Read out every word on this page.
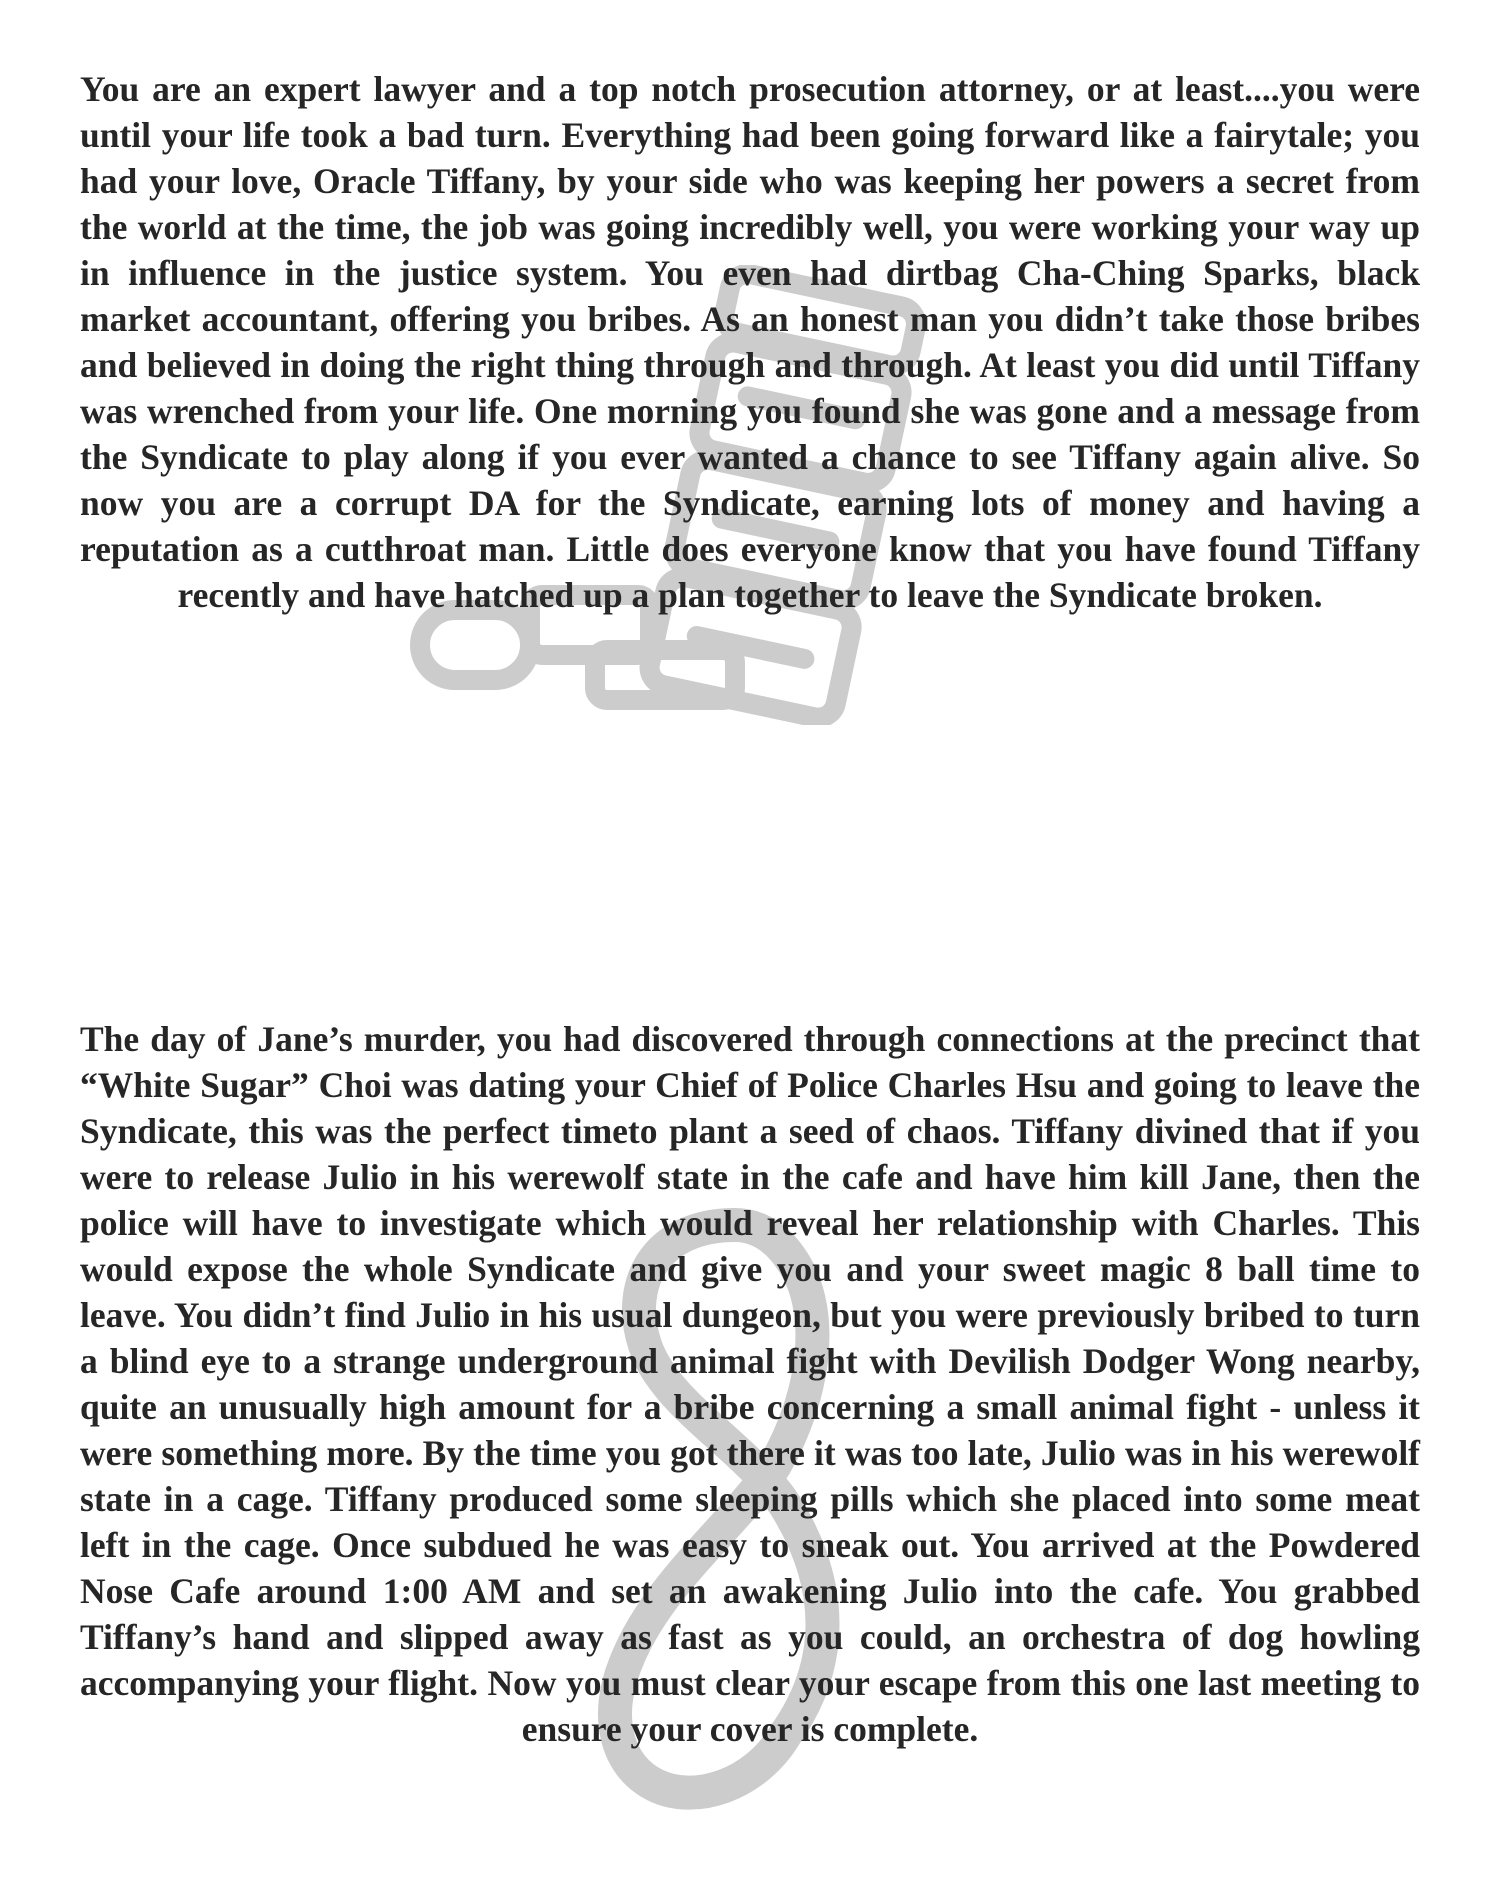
You are an expert lawyer and a top notch prosecution attorney, or at least....you were until your life took a bad turn. Everything had been going forward like a fairytale; you had your love, Oracle Tiffany, by your side who was keeping her powers a secret from the world at the time, the job was going incredibly well, you were working your way up in influence in the justice system. You even had dirtbag Cha-Ching Sparks, black market accountant, offering you bribes. As an honest man you didn’t take those bribes and believed in doing the right thing through and through. At least you did until Tiffany was wrenched from your life. One morning you found she was gone and a message from the Syndicate to play along if you ever wanted a chance to see Tiffany again alive. So now you are a corrupt DA for the Syndicate, earning lots of money and having a reputation as a cutthroat man. Little does everyone know that you have found Tiffany recently and have hatched up a plan together to leave the Syndicate broken.

The day of Jane’s murder, you had discovered through connections at the precinct that “White Sugar” Choi was dating your Chief of Police Charles Hsu and going to leave the Syndicate, this was the perfect timeto plant a seed of chaos. Tiffany divined that if you were to release Julio in his werewolf state in the cafe and have him kill Jane, then the police will have to investigate which would reveal her relationship with Charles. This would expose the whole Syndicate and give you and your sweet magic 8 ball time to leave. You didn’t find Julio in his usual dungeon, but you were previously bribed to turn a blind eye to a strange underground animal fight with Devilish Dodger Wong nearby, quite an unusually high amount for a bribe concerning a small animal fight - unless it were something more. By the time you got there it was too late, Julio was in his werewolf state in a cage. Tiffany produced some sleeping pills which she placed into some meat left in the cage. Once subdued he was easy to sneak out. You arrived at the Powdered Nose Cafe around 1:00 AM and set an awakening Julio into the cafe. You grabbed Tiffany’s hand and slipped away as fast as you could, an orchestra of dog howling accompanying your flight. Now you must clear your escape from this one last meeting to ensure your cover is complete.
